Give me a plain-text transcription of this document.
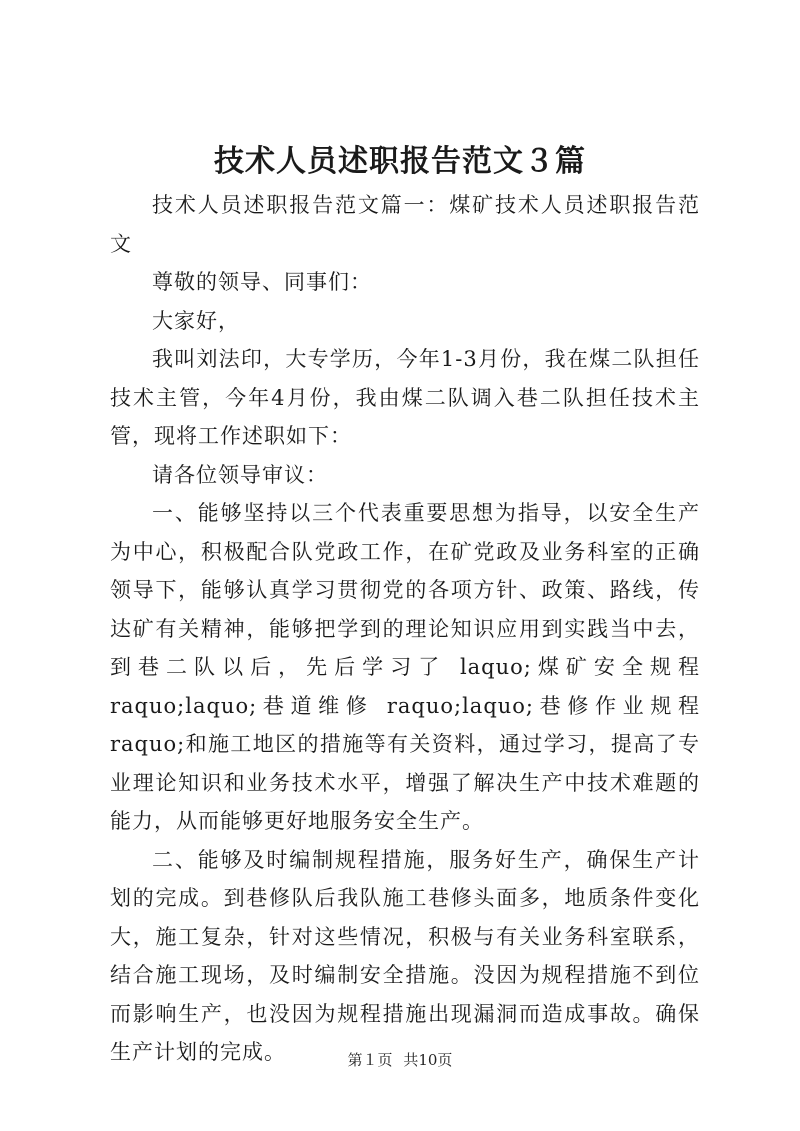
技术人员述职报告范文３篇

技术人员述职报告范文篇一：煤矿技术人员述职报告范文

尊敬的领导、同事们：

大家好，

我叫刘法印，大专学历，今年1-3月份，我在煤二队担任技术主管，今年4月份，我由煤二队调入巷二队担任技术主管，现将工作述职如下：

请各位领导审议：

一、能够坚持以三个代表重要思想为指导，以安全生产为中心，积极配合队党政工作，在矿党政及业务科室的正确领导下，能够认真学习贯彻党的各项方针、政策、路线，传达矿有关精神，能够把学到的理论知识应用到实践当中去，到巷二队以后，先后学习了 laquo;煤矿安全规程 raquo;laquo;巷道维修 raquo;laquo;巷修作业规程 raquo;和施工地区的措施等有关资料，通过学习，提高了专业理论知识和业务技术水平，增强了解决生产中技术难题的能力，从而能够更好地服务安全生产。

二、能够及时编制规程措施，服务好生产，确保生产计划的完成。到巷修队后我队施工巷修头面多，地质条件变化大，施工复杂，针对这些情况，积极与有关业务科室联系，结合施工现场，及时编制安全措施。没因为规程措施不到位而影响生产，也没因为规程措施出现漏洞而造成事故。确保生产计划的完成。	第１页 共10页
